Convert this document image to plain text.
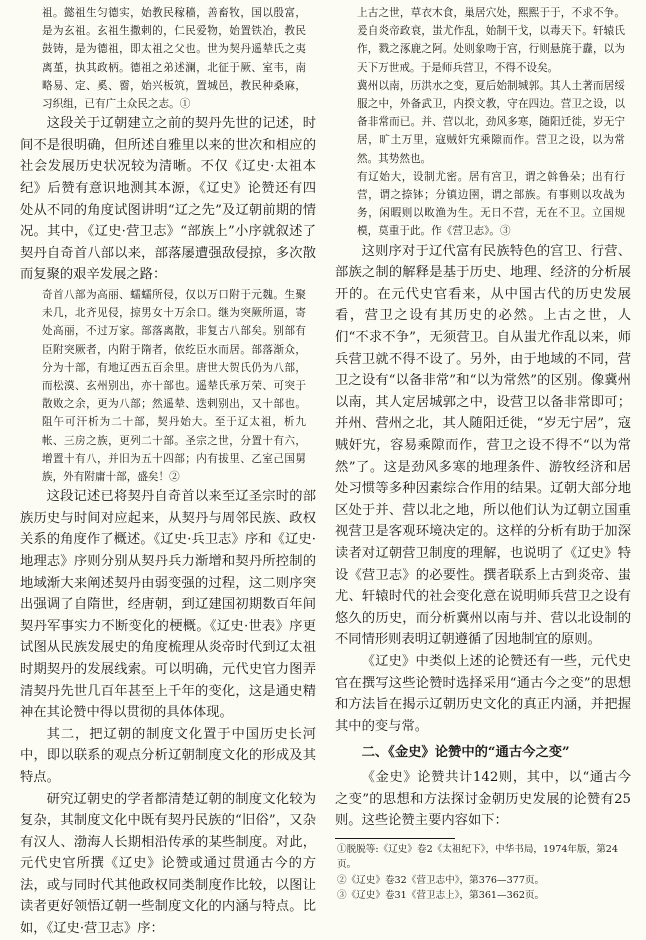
祖。懿祖生匀德实，始教民稼穑，善畜牧，国以殷富，是为玄祖。玄祖生撒剌的，仁民爱物，始置铁冶，教民鼓铸，是为德祖，即太祖之父也。世为契丹遥辇氏之夷离堇，执其政柄。德祖之弟述澜，北征于厥、室韦，南略易、定、奚、霫，始兴板筑，置城邑，教民种桑麻，习织组，已有广土众民之志。①

这段关于辽朝建立之前的契丹先世的记述，时间不是很明确，但所述自雅里以来的世次和相应的社会发展历史状况较为清晰。不仅《辽史·太祖本纪》后赞有意识地测其本源，《辽史》论赞还有四处从不同的角度试图讲明“辽之先”及辽朝前期的情况。其中，《辽史·营卫志》“部族上”小序就叙述了契丹自奇首八部以来，部落屡遭强敌侵掠，多次散而复聚的艰辛发展之路：

奇首八部为高丽、蠕蠕所侵，仅以万口附于元魏。生聚未几，北齐见侵，掠男女十万余口。继为突厥所逼，寄处高丽，不过万家。部落离散，非复古八部矣。别部有臣附突厥者，内附于隋者，依纥臣水而居。部落渐众，分为十部，有地辽西五百余里。唐世大贺氏仍为八部，而松漠、玄州别出，亦十部也。遥辇氏承万荣、可突于散败之余，更为八部；然遥辇、迭剌别出，又十部也。阻午可汗析为二十部，契丹始大。至于辽太祖，析九帐、三房之族，更列二十部。圣宗之世，分置十有六，增置十有八，并旧为五十四部；内有拔里、乙室己国舅族，外有附庸十部，盛矣！②

这段记述已将契丹自奇首以来至辽圣宗时的部族历史与时间对应起来，从契丹与周邻民族、政权关系的角度作了概述。《辽史·兵卫志》序和《辽史·地理志》序则分别从契丹兵力渐增和契丹所控制的地域渐大来阐述契丹由弱变强的过程，这二则序突出强调了自隋世，经唐朝，到辽建国初期数百年间契丹军事实力不断变化的梗概。《辽史·世表》序更试图从民族发展史的角度梳理从炎帝时代到辽太祖时期契丹的发展线索。可以明确，元代史官力图弄清契丹先世几百年甚至上千年的变化，这是通史精神在其论赞中得以贯彻的具体体现。

其二，把辽朝的制度文化置于中国历史长河中，即以联系的观点分析辽朝制度文化的形成及其特点。

研究辽朝史的学者都清楚辽朝的制度文化较为复杂，其制度文化中既有契丹民族的“旧俗”，又杂有汉人、渤海人长期相沿传承的某些制度。对此，元代史官所撰《辽史》论赞或通过贯通古今的方法，或与同时代其他政权同类制度作比较，以图让读者更好领悟辽朝一些制度文化的内涵与特点。比如，《辽史·营卫志》序：

上古之世，草衣木食，巢居穴处，熙熙于于，不求不争。爰自炎帝政衰，蚩尤作乱，始制干戈，以毒天下。轩辕氏作，戮之涿鹿之阿。处则象吻于宫，行则悬旄于纛，以为天下万世戒。于是师兵营卫，不得不设矣。

冀州以南，历洪水之变，夏后始制城郭。其人土著而居绥服之中，外备武卫，内揆文教，守在四边。营卫之设，以备非常而已。并、营以北，劲风多寒，随阳迁徙，岁无宁居，旷土万里，寇贼奸宄乘隙而作。营卫之设，以为常然。其势然也。

有辽始大，设制尤密。居有宫卫，谓之斡鲁朵；出有行营，谓之捺钵；分镇边圉，谓之部族。有事则以攻战为务，闲暇则以畋渔为生。无日不营，无在不卫。立国规模，莫重于此。作《营卫志》。③

这则序对于辽代富有民族特色的宫卫、行营、部族之制的解释是基于历史、地理、经济的分析展开的。在元代史官看来，从中国古代的历史发展看，营卫之设有其历史的必然。上古之世，人们“不求不争”，无须营卫。自从蚩尤作乱以来，师兵营卫就不得不设了。另外，由于地域的不同，营卫之设有“以备非常”和“以为常然”的区别。像冀州以南，其人定居城郭之中，设营卫以备非常即可；并州、营州之北，其人随阳迁徙，“岁无宁居”，寇贼奸宄，容易乘隙而作，营卫之设不得不“以为常然”了。这是劲风多寒的地理条件、游牧经济和居处习惯等多种因素综合作用的结果。辽朝大部分地区处于并、营以北之地，所以他们认为辽朝立国重视营卫是客观环境决定的。这样的分析有助于加深读者对辽朝营卫制度的理解，也说明了《辽史》特设《营卫志》的必要性。撰者联系上古到炎帝、蚩尤、轩辕时代的社会变化意在说明师兵营卫之设有悠久的历史，而分析冀州以南与并、营以北设制的不同情形则表明辽朝遵循了因地制宜的原则。

《辽史》中类似上述的论赞还有一些，元代史官在撰写这些论赞时选择采用“通古今之变”的思想和方法旨在揭示辽朝历史文化的真正内涵，并把握其中的变与常。

二、《金史》论赞中的“通古今之变”

《金史》论赞共计142则，其中，以“通古今之变”的思想和方法探讨金朝历史发展的论赞有25则。这些论赞主要内容如下：

①脱脱等:《辽史》卷2《太祖纪下》，中华书局，1974年版，第24页。

②《辽史》卷32《营卫志中》，第376—377页。

③《辽史》卷31《营卫志上》，第361—362页。
